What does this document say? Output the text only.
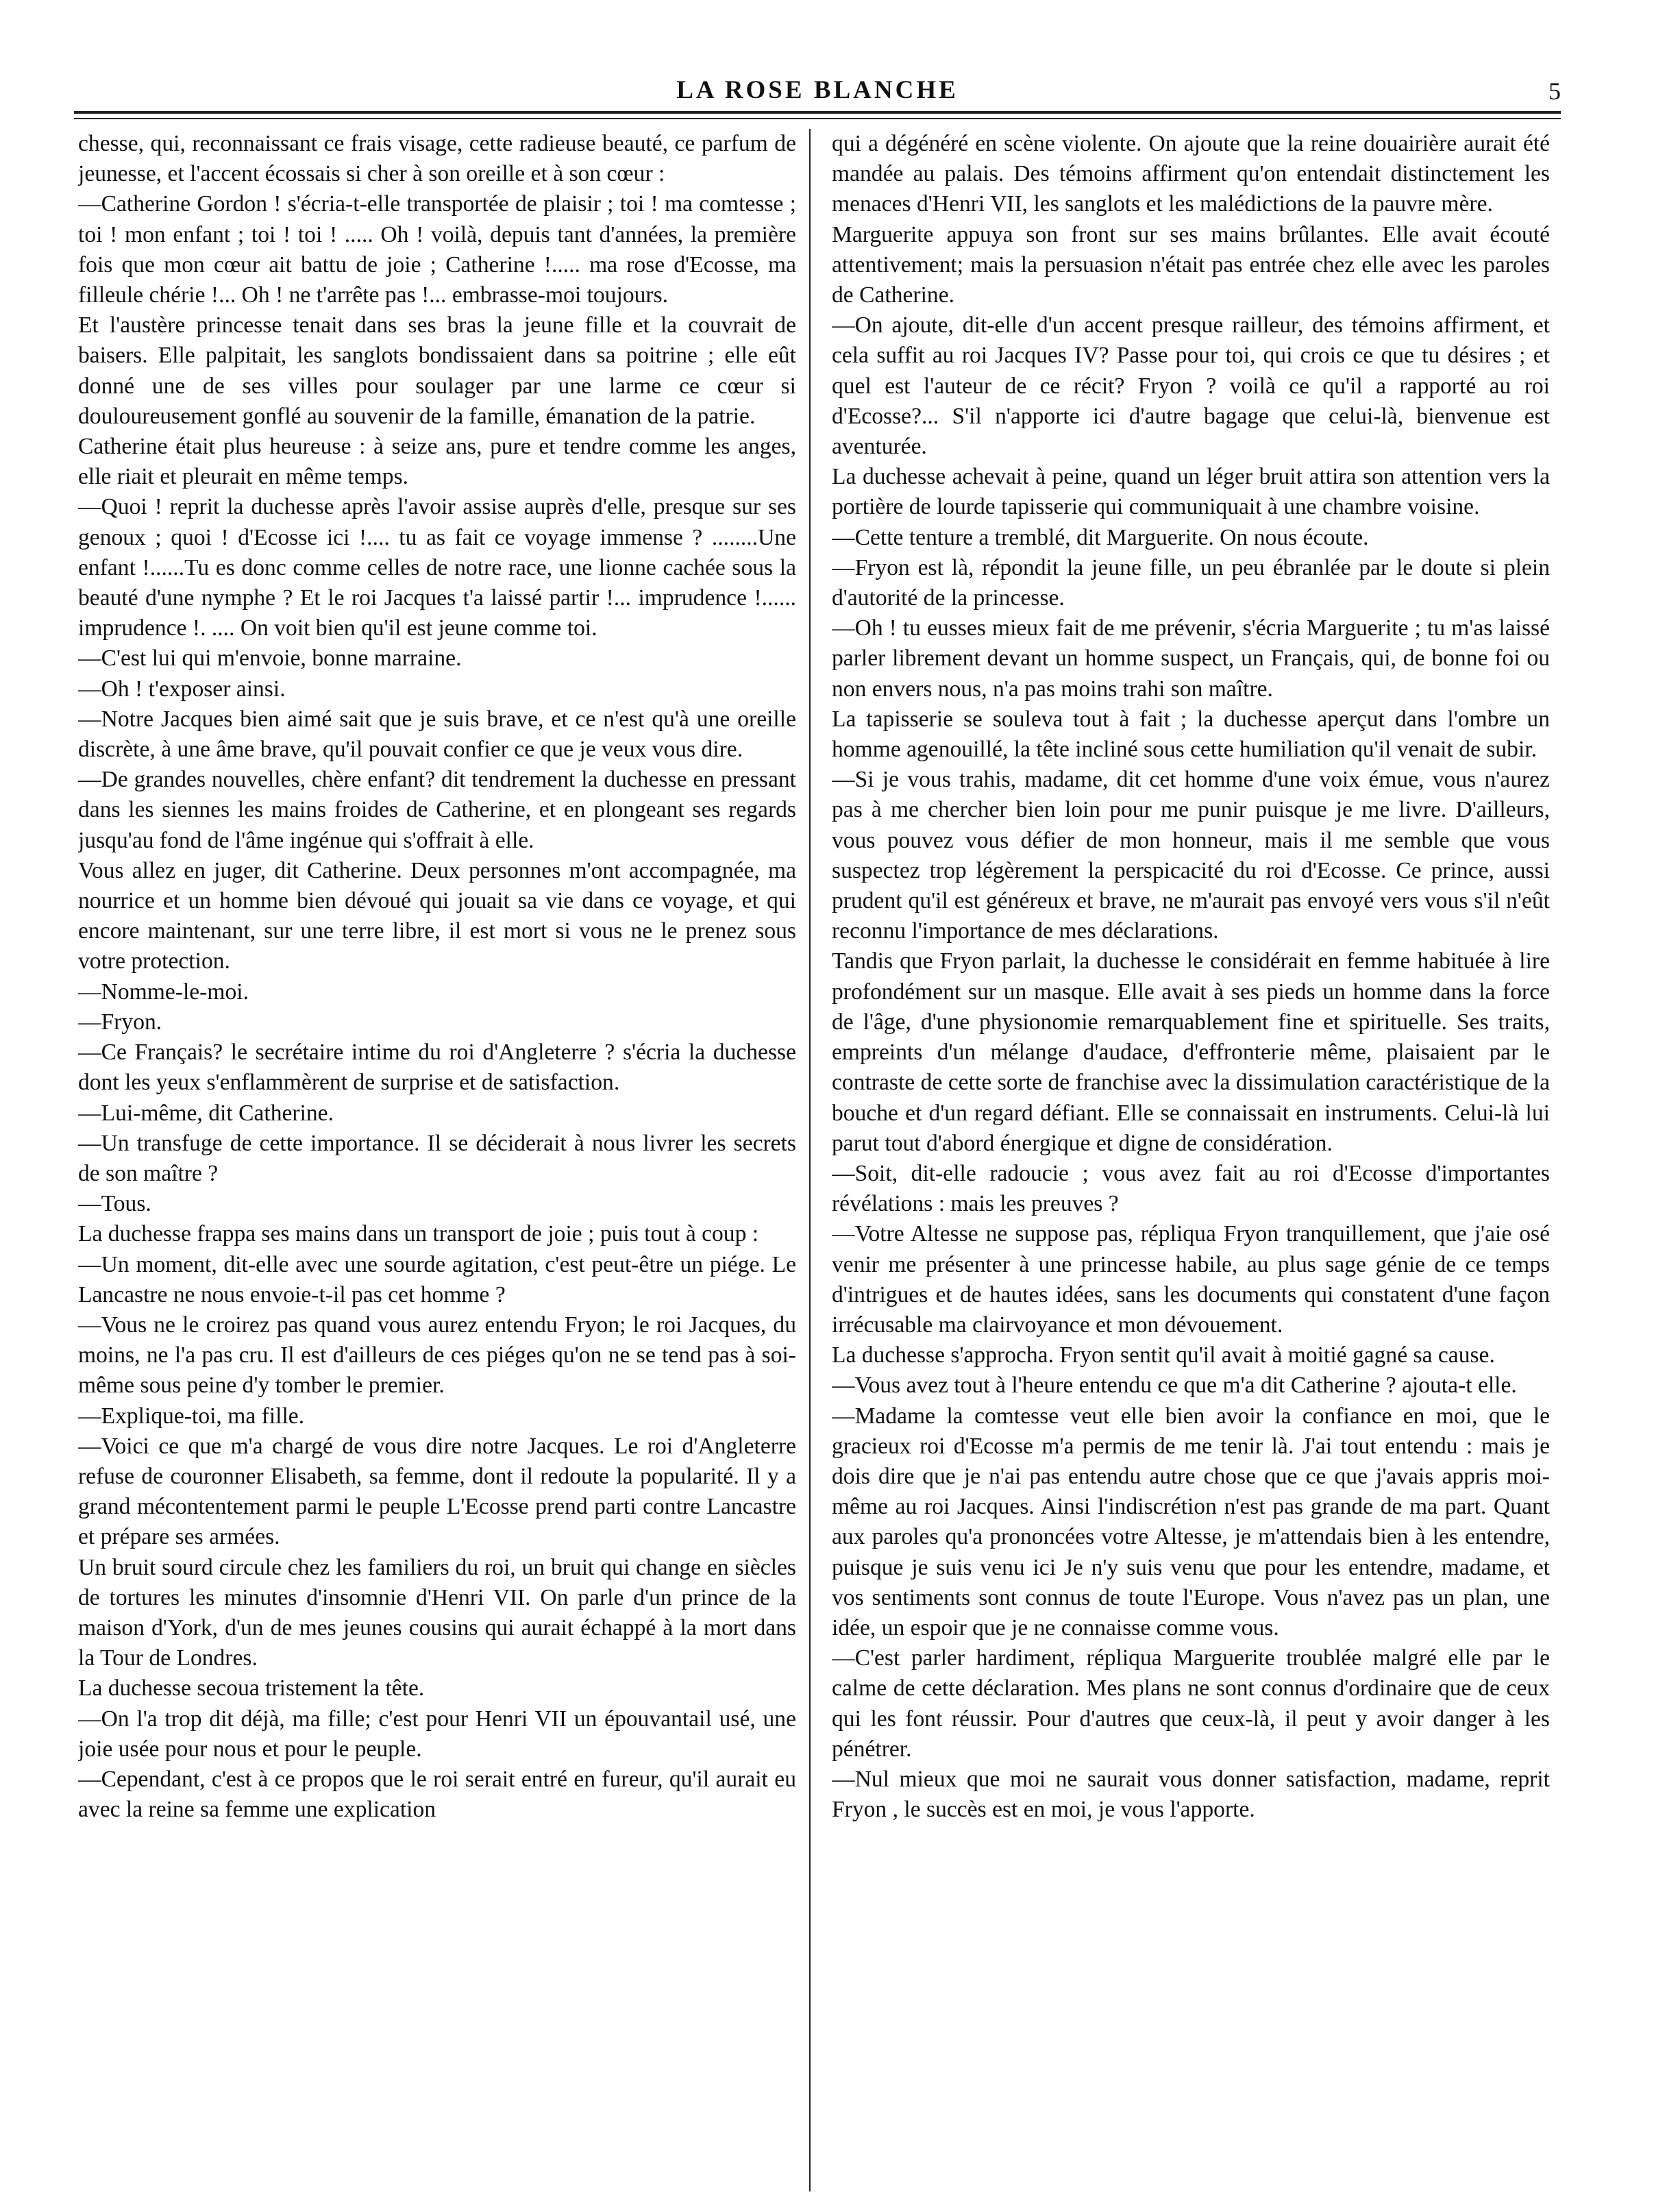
LA ROSE BLANCHE	5

chesse, qui, reconnaissant ce frais visage, cette radieuse beauté, ce parfum de jeunesse, et l'accent écossais si cher à son oreille et à son cœur :

—Catherine Gordon ! s'écria-t-elle transportée de plaisir ; toi ! ma comtesse ; toi ! mon enfant ; toi ! toi ! ..... Oh ! voilà, depuis tant d'années, la première fois que mon cœur ait battu de joie ; Catherine !..... ma rose d'Ecosse, ma filleule chérie !... Oh ! ne t'arrête pas !... embrasse-moi toujours.

Et l'austère princesse tenait dans ses bras la jeune fille et la couvrait de baisers. Elle palpitait, les sanglots bondissaient dans sa poitrine ; elle eût donné une de ses villes pour soulager par une larme ce cœur si douloureusement gonflé au souvenir de la famille, émanation de la patrie.

Catherine était plus heureuse : à seize ans, pure et tendre comme les anges, elle riait et pleurait en même temps.

—Quoi ! reprit la duchesse après l'avoir assise auprès d'elle, presque sur ses genoux ; quoi ! d'Ecosse ici !.... tu as fait ce voyage immense ? ........Une enfant !......Tu es donc comme celles de notre race, une lionne cachée sous la beauté d'une nymphe ? Et le roi Jacques t'a laissé partir !... imprudence !...... imprudence !. .... On voit bien qu'il est jeune comme toi.

—C'est lui qui m'envoie, bonne marraine.

—Oh ! t'exposer ainsi.

—Notre Jacques bien aimé sait que je suis brave, et ce n'est qu'à une oreille discrète, à une âme brave, qu'il pouvait confier ce que je veux vous dire.

—De grandes nouvelles, chère enfant? dit tendrement la duchesse en pressant dans les siennes les mains froides de Catherine, et en plongeant ses regards jusqu'au fond de l'âme ingénue qui s'offrait à elle.

Vous allez en juger, dit Catherine. Deux personnes m'ont accompagnée, ma nourrice et un homme bien dévoué qui jouait sa vie dans ce voyage, et qui encore maintenant, sur une terre libre, il est mort si vous ne le prenez sous votre protection.

—Nomme-le-moi.

—Fryon.

—Ce Français? le secrétaire intime du roi d'Angleterre ? s'écria la duchesse dont les yeux s'enflammèrent de surprise et de satisfaction.

—Lui-même, dit Catherine.

—Un transfuge de cette importance. Il se déciderait à nous livrer les secrets de son maître ?

—Tous.

La duchesse frappa ses mains dans un transport de joie ; puis tout à coup :

—Un moment, dit-elle avec une sourde agitation, c'est peut-être un piége. Le Lancastre ne nous envoie-t-il pas cet homme ?

—Vous ne le croirez pas quand vous aurez entendu Fryon; le roi Jacques, du moins, ne l'a pas cru. Il est d'ailleurs de ces piéges qu'on ne se tend pas à soi-même sous peine d'y tomber le premier.

—Explique-toi, ma fille.

—Voici ce que m'a chargé de vous dire notre Jacques. Le roi d'Angleterre refuse de couronner Elisabeth, sa femme, dont il redoute la popularité. Il y a grand mécontentement parmi le peuple L'Ecosse prend parti contre Lancastre et prépare ses armées.

Un bruit sourd circule chez les familiers du roi, un bruit qui change en siècles de tortures les minutes d'insomnie d'Henri VII. On parle d'un prince de la maison d'York, d'un de mes jeunes cousins qui aurait échappé à la mort dans la Tour de Londres.

La duchesse secoua tristement la tête.

—On l'a trop dit déjà, ma fille; c'est pour Henri VII un épouvantail usé, une joie usée pour nous et pour le peuple.

—Cependant, c'est à ce propos que le roi serait entré en fureur, qu'il aurait eu avec la reine sa femme une explication

qui a dégénéré en scène violente. On ajoute que la reine douairière aurait été mandée au palais. Des témoins affirment qu'on entendait distinctement les menaces d'Henri VII, les sanglots et les malédictions de la pauvre mère.

Marguerite appuya son front sur ses mains brûlantes. Elle avait écouté attentivement; mais la persuasion n'était pas entrée chez elle avec les paroles de Catherine.

—On ajoute, dit-elle d'un accent presque railleur, des témoins affirment, et cela suffit au roi Jacques IV? Passe pour toi, qui crois ce que tu désires ; et quel est l'auteur de ce récit? Fryon ? voilà ce qu'il a rapporté au roi d'Ecosse?... S'il n'apporte ici d'autre bagage que celui-là, bienvenue est aventurée.

La duchesse achevait à peine, quand un léger bruit attira son attention vers la portière de lourde tapisserie qui communiquait à une chambre voisine.

—Cette tenture a tremblé, dit Marguerite. On nous écoute.

—Fryon est là, répondit la jeune fille, un peu ébranlée par le doute si plein d'autorité de la princesse.

—Oh ! tu eusses mieux fait de me prévenir, s'écria Marguerite ; tu m'as laissé parler librement devant un homme suspect, un Français, qui, de bonne foi ou non envers nous, n'a pas moins trahi son maître.

La tapisserie se souleva tout à fait ; la duchesse aperçut dans l'ombre un homme agenouillé, la tête incliné sous cette humiliation qu'il venait de subir.

—Si je vous trahis, madame, dit cet homme d'une voix émue, vous n'aurez pas à me chercher bien loin pour me punir puisque je me livre. D'ailleurs, vous pouvez vous défier de mon honneur, mais il me semble que vous suspectez trop légèrement la perspicacité du roi d'Ecosse. Ce prince, aussi prudent qu'il est généreux et brave, ne m'aurait pas envoyé vers vous s'il n'eût reconnu l'importance de mes déclarations.

Tandis que Fryon parlait, la duchesse le considérait en femme habituée à lire profondément sur un masque. Elle avait à ses pieds un homme dans la force de l'âge, d'une physionomie remarquablement fine et spirituelle. Ses traits, empreints d'un mélange d'audace, d'effronterie même, plaisaient par le contraste de cette sorte de franchise avec la dissimulation caractéristique de la bouche et d'un regard défiant. Elle se connaissait en instruments. Celui-là lui parut tout d'abord énergique et digne de considération.

—Soit, dit-elle radoucie ; vous avez fait au roi d'Ecosse d'importantes révélations : mais les preuves ?

—Votre Altesse ne suppose pas, répliqua Fryon tranquillement, que j'aie osé venir me présenter à une princesse habile, au plus sage génie de ce temps d'intrigues et de hautes idées, sans les documents qui constatent d'une façon irrécusable ma clairvoyance et mon dévouement.

La duchesse s'approcha. Fryon sentit qu'il avait à moitié gagné sa cause.

—Vous avez tout à l'heure entendu ce que m'a dit Catherine ? ajouta-t elle.

—Madame la comtesse veut elle bien avoir la confiance en moi, que le gracieux roi d'Ecosse m'a permis de me tenir là. J'ai tout entendu : mais je dois dire que je n'ai pas entendu autre chose que ce que j'avais appris moi-même au roi Jacques. Ainsi l'indiscrétion n'est pas grande de ma part. Quant aux paroles qu'a prononcées votre Altesse, je m'attendais bien à les entendre, puisque je suis venu ici Je n'y suis venu que pour les entendre, madame, et vos sentiments sont connus de toute l'Europe. Vous n'avez pas un plan, une idée, un espoir que je ne connaisse comme vous.

—C'est parler hardiment, répliqua Marguerite troublée malgré elle par le calme de cette déclaration. Mes plans ne sont connus d'ordinaire que de ceux qui les font réussir. Pour d'autres que ceux-là, il peut y avoir danger à les pénétrer.

—Nul mieux que moi ne saurait vous donner satisfaction, madame, reprit Fryon , le succès est en moi, je vous l'apporte.
